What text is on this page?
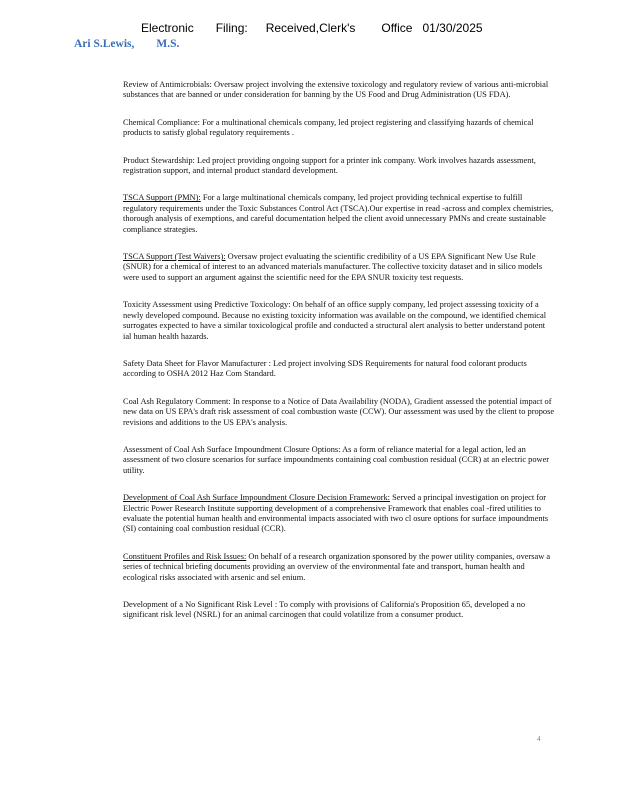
Electronic Filing: Received,Clerk's Office 01/30/2025
Ari S.Lewis, M.S.

Review of Antimicrobials: Oversaw project involving the extensive toxicology and regulatory review of various anti-microbial substances that are banned or under consideration for banning by the US Food and Drug Administration (US FDA).

Chemical Compliance: For a multinational chemicals company, led project registering and classifying hazards of chemical products to satisfy global regulatory requirements .

Product Stewardship: Led project providing ongoing support for a printer ink company. Work involves hazards assessment, registration support, and internal product standard development.

TSCA Support (PMN): For a large multinational chemicals company, led project providing technical expertise to fulfill regulatory requirements under the Toxic Substances Control Act (TSCA).Our expertise in read -across and complex chemistries, thorough analysis of exemptions, and careful documentation helped the client avoid unnecessary PMNs and create sustainable compliance strategies.

TSCA Support (Test Waivers): Oversaw project evaluating the scientific credibility of a US EPA Significant New Use Rule (SNUR) for a chemical of interest to an advanced materials manufacturer. The collective toxicity dataset and in silico models were used to support an argument against the scientific need for the EPA SNUR toxicity test requests.

Toxicity Assessment using Predictive Toxicology: On behalf of an office supply company, led project assessing toxicity of a newly developed compound. Because no existing toxicity information was available on the compound, we identified chemical surrogates expected to have a similar toxicological profile and conducted a structural alert analysis to better understand potent ial human health hazards.

Safety Data Sheet for Flavor Manufacturer : Led project involving SDS Requirements for natural food colorant products according to OSHA 2012 Haz Com Standard.

Coal Ash Regulatory Comment: In response to a Notice of Data Availability (NODA), Gradient assessed the potential impact of new data on US EPA's draft risk assessment of coal combustion waste (CCW). Our assessment was used by the client to propose revisions and additions to the US EPA's analysis.

Assessment of Coal Ash Surface Impoundment Closure Options: As a form of reliance material for a legal action, led an assessment of two closure scenarios for surface impoundments containing coal combustion residual (CCR) at an electric power utility.

Development of Coal Ash Surface Impoundment Closure Decision Framework: Served a principal investigation on project for Electric Power Research Institute supporting development of a comprehensive Framework that enables coal -fired utilities to evaluate the potential human health and environmental impacts associated with two cl osure options for surface impoundments (SI) containing coal combustion residual (CCR).

Constituent Profiles and Risk Issues: On behalf of a research organization sponsored by the power utility companies, oversaw a series of technical briefing documents providing an overview of the environmental fate and transport, human health and ecological risks associated with arsenic and sel enium.

Development of a No Significant Risk Level : To comply with provisions of California's Proposition 65, developed a no significant risk level (NSRL) for an animal carcinogen that could volatilize from a consumer product.

4
